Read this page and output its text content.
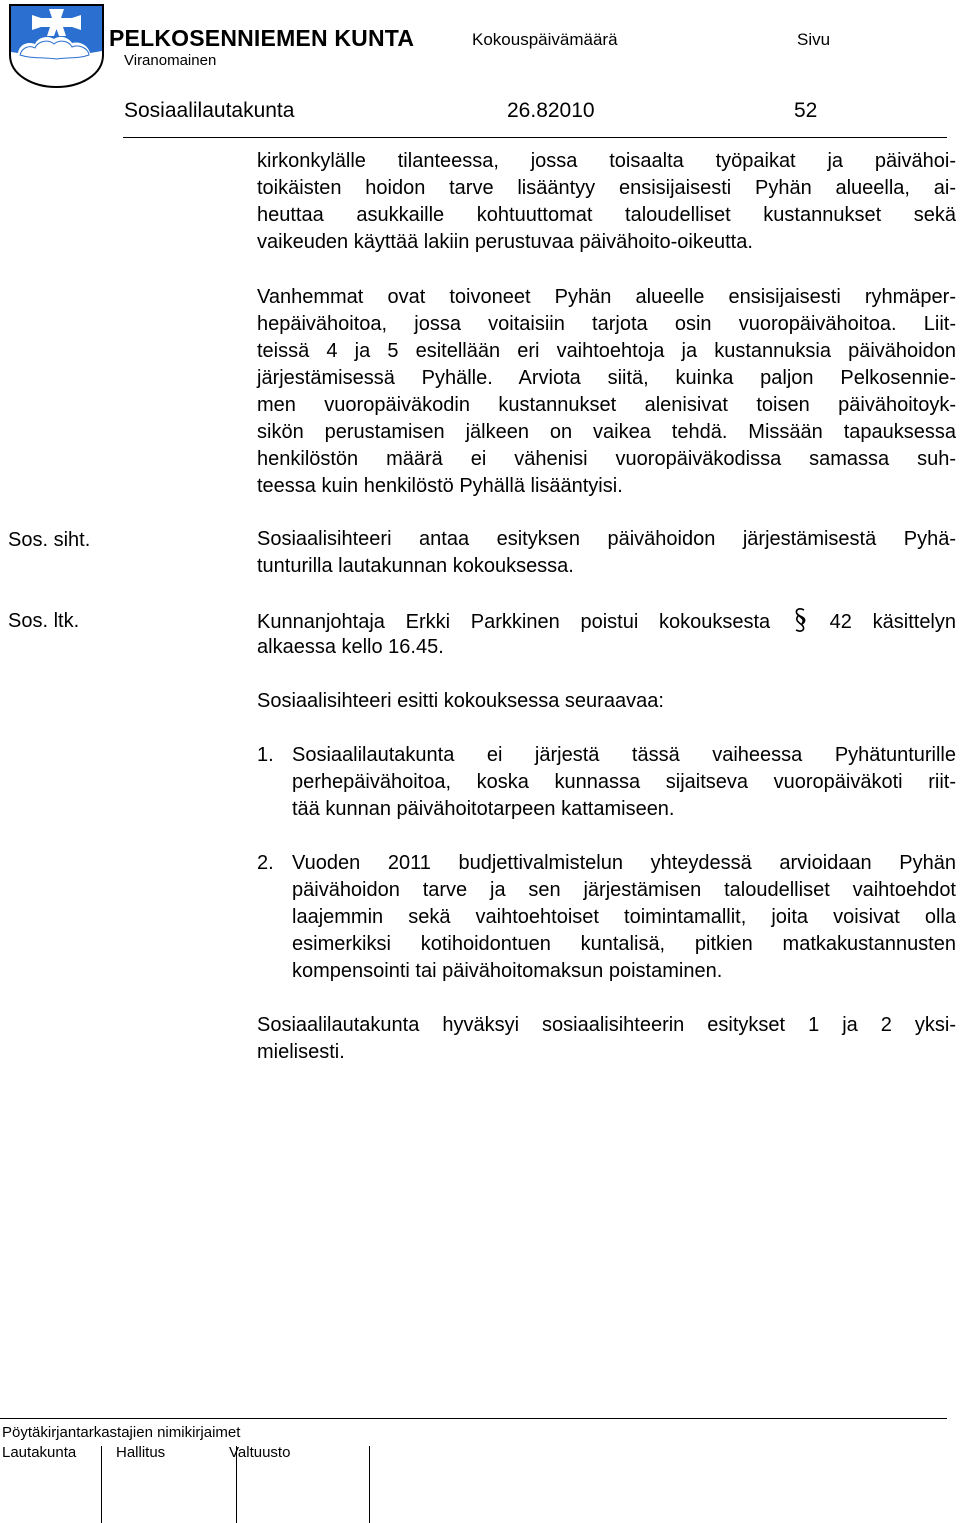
PELKOSENNIEMEN KUNTA	Kokouspäivämäärä	Sivu
Viranomainen
Sosiaalilautakunta	26.82010	52
kirkonkylälle tilanteessa, jossa toisaalta työpaikat ja päivähoi-
toikäisten hoidon tarve lisääntyy ensisijaisesti Pyhän alueella, ai-
heuttaa asukkaille kohtuuttomat taloudelliset kustannukset sekä
vaikeuden käyttää lakiin perustuvaa päivähoito-oikeutta.
Vanhemmat ovat toivoneet Pyhän alueelle ensisijaisesti ryhmäper-
hepäivähoitoa, jossa voitaisiin tarjota osin vuoropäivähoitoa. Liit-
teissä 4 ja 5 esitellään eri vaihtoehtoja ja kustannuksia päivähoidon
järjestämisessä Pyhälle. Arviota siitä, kuinka paljon Pelkosennie-
men vuoropäiväkodin kustannukset alenisivat toisen päivähoitoyk-
sikön perustamisen jälkeen on vaikea tehdä. Missään tapauksessa
henkilöstön määrä ei vähenisi vuoropäiväkodissa samassa suh-
teessa kuin henkilöstö Pyhällä lisääntyisi.
Sos. siht.	Sosiaalisihteeri antaa esityksen päivähoidon järjestämisestä Pyhä-
tunturilla lautakunnan kokouksessa.
Sos. ltk.	Kunnanjohtaja Erkki Parkkinen poistui kokouksesta	42 käsittelyn
alkaessa kello 16.45.
Sosiaalisihteeri esitti kokouksessa seuraavaa:
1. Sosiaalilautakunta ei järjestä tässä vaiheessa Pyhätunturille
perhepäivähoitoa, koska kunnassa sijaitseva vuoropäiväkoti riit-
tää kunnan päivähoitotarpeen kattamiseen.
2. Vuoden 2011 budjettivalmistelun yhteydessä arvioidaan Pyhän
päivähoidon tarve ja sen järjestämisen taloudelliset vaihtoehdot
laajemmin sekä vaihtoehtoiset toimintamallit, joita voisivat olla
esimerkiksi kotihoidontuen kuntalisä, pitkien matkakustannusten
kompensointi tai päivähoitomaksun poistaminen.
Sosiaalilautakunta hyväksyi sosiaalisihteerin esitykset 1 ja 2 yksi-
mielisesti.
Pöytäkirjantarkastajien nimikirjaimet
Lautakunta	Hallitus	Valtuusto
